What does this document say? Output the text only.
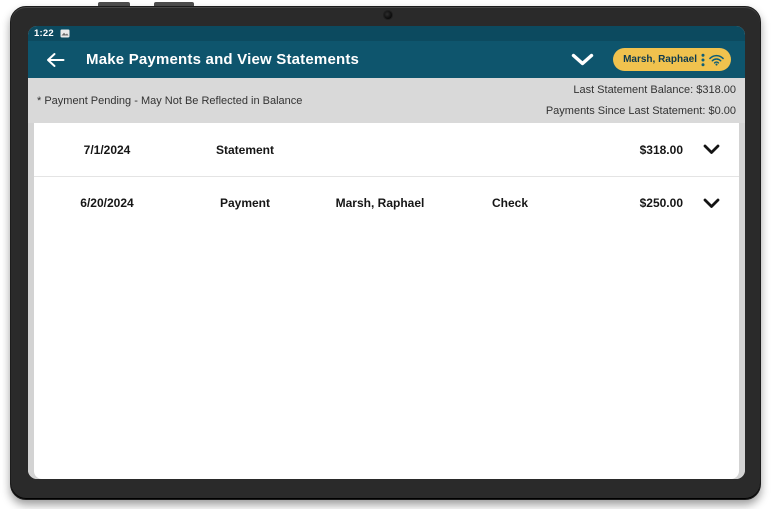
1:22
Make Payments and View Statements	Marsh, Raphael
* Payment Pending - May Not Be Reflected in Balance
Last Statement Balance: $318.00
Payments Since Last Statement: $0.00
7/1/2024	Statement	$318.00
6/20/2024	Payment	Marsh, Raphael	Check	$250.00
